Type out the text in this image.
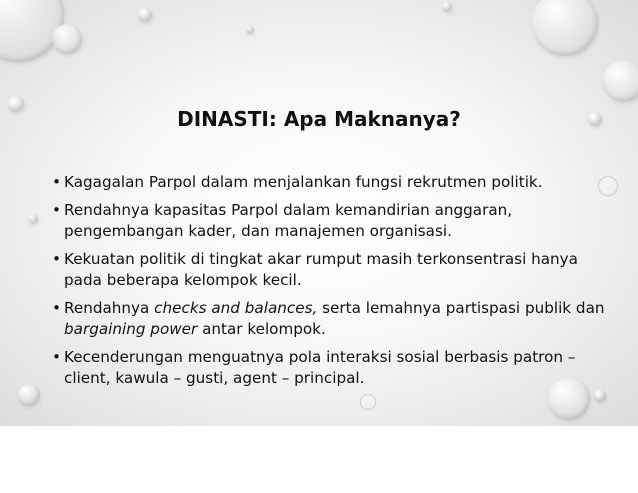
DINASTI: Apa Maknanya?
• Kagagalan Parpol dalam menjalankan fungsi rekrutmen politik.
• Rendahnya kapasitas Parpol dalam kemandirian anggaran, pengembangan kader, dan manajemen organisasi.
• Kekuatan politik di tingkat akar rumput masih terkonsentrasi hanya pada beberapa kelompok kecil.
• Rendahnya checks and balances, serta lemahnya partispasi publik dan bargaining power antar kelompok.
• Kecenderungan menguatnya pola interaksi sosial berbasis patron – client, kawula – gusti, agent – principal.
